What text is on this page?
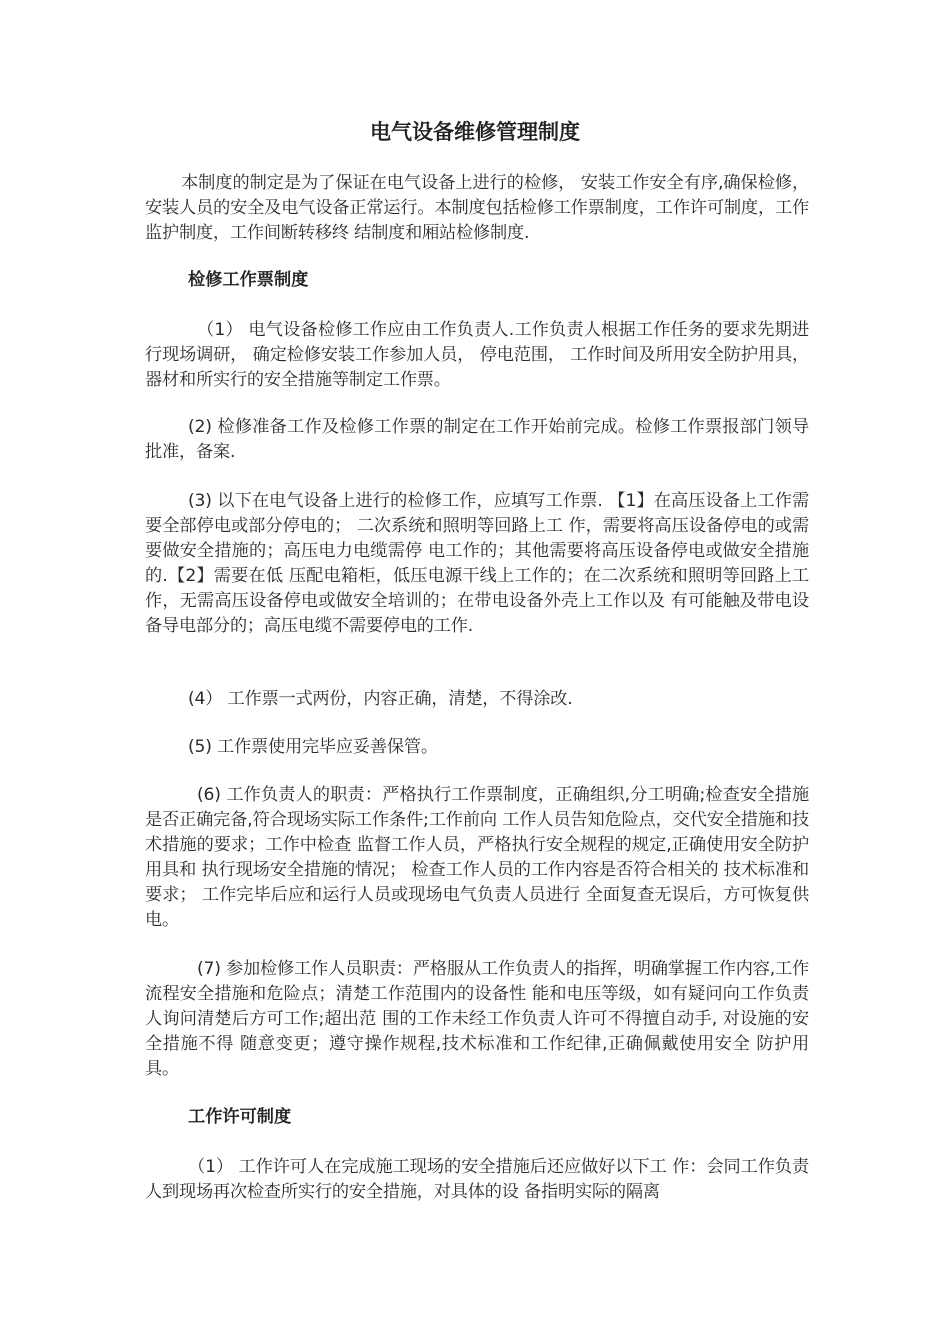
电气设备维修管理制度

本制度的制定是为了保证在电气设备上进行的检修， 安装工作安全有序,确保检修，安装人员的安全及电气设备正常运行。本制度包括检修工作票制度，工作许可制度，工作监护制度，工作间断转移终 结制度和厢站检修制度.

检修工作票制度

（1） 电气设备检修工作应由工作负责人.工作负责人根据工作任务的要求先期进行现场调研， 确定检修安装工作参加人员， 停电范围， 工作时间及所用安全防护用具， 器材和所实行的安全措施等制定工作票。

(2) 检修准备工作及检修工作票的制定在工作开始前完成。检修工作票报部门领导批准，备案.

(3) 以下在电气设备上进行的检修工作，应填写工作票. 【1】在高压设备上工作需要全部停电或部分停电的； 二次系统和照明等回路上工 作，需要将高压设备停电的或需要做安全措施的；高压电力电缆需停 电工作的；其他需要将高压设备停电或做安全措施的.【2】需要在低 压配电箱柜，低压电源干线上工作的；在二次系统和照明等回路上工 作，无需高压设备停电或做安全培训的；在带电设备外壳上工作以及 有可能触及带电设备导电部分的；高压电缆不需要停电的工作.

(4） 工作票一式两份，内容正确，清楚，不得涂改.

(5) 工作票使用完毕应妥善保管。

(6) 工作负责人的职责：严格执行工作票制度，正确组织,分工明确;检查安全措施是否正确完备,符合现场实际工作条件;工作前向 工作人员告知危险点，交代安全措施和技术措施的要求；工作中检查 监督工作人员，严格执行安全规程的规定,正确使用安全防护用具和 执行现场安全措施的情况； 检查工作人员的工作内容是否符合相关的 技术标准和要求； 工作完毕后应和运行人员或现场电气负责人员进行 全面复查无误后，方可恢复供电。

(7) 参加检修工作人员职责：严格服从工作负责人的指挥，明确掌握工作内容,工作流程安全措施和危险点；清楚工作范围内的设备性 能和电压等级，如有疑问向工作负责人询问清楚后方可工作;超出范 围的工作未经工作负责人许可不得擅自动手, 对设施的安全措施不得 随意变更；遵守操作规程,技术标准和工作纪律,正确佩戴使用安全 防护用具。

工作许可制度

（1） 工作许可人在完成施工现场的安全措施后还应做好以下工 作：会同工作负责人到现场再次检查所实行的安全措施，对具体的设 备指明实际的隔离
